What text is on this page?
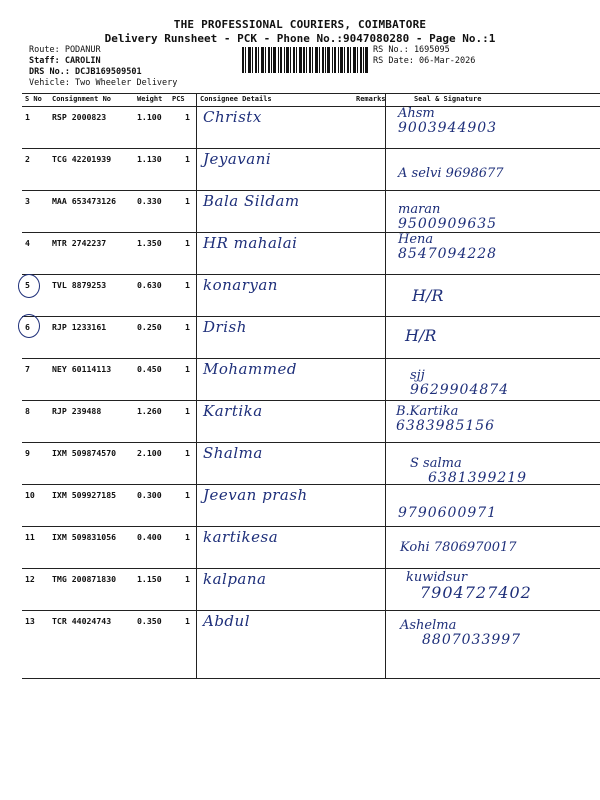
THE PROFESSIONAL COURIERS, COIMBATORE
Delivery Runsheet - PCK - Phone No.:9047080280 - Page No.:1
Route: PODANUR
Staff: CAROLIN
DRS No.: DCJB169509501
Vehicle: Two Wheeler Delivery
RS No.: 1695095
RS Date: 06-Mar-2026
S No Consignment No	Weight PCS Consignee Details	Remarks	Seal & Signature
1	RSP 2000823	1.100	1 Christx	Ahsm
9003944903
2	TCG 42201939	1.130	1 Jeyavani
A selvi 9698677
3	MAA 653473126	0.330	1 Bala Sildam	maran
9500909635
4	MTR 2742237	1.350	1 HR mahalai	Hena
8547094228
5	TVL 8879253	0.630	1 konaryan
H/R
6	RJP 1233161	0.250	1 Drish	H/R
7	NEY 60114113	0.450	1 Mohammed	sjj
9629904874
8	RJP 239488	1.260	1 Kartika	B.Kartika
6383985156
9	IXM 509874570	2.100	1 Shalma
S salma
6381399219
10 IXM 509927185	0.300	1 Jeevan prash
9790600971
11 IXM 509831056	0.400	1 kartikesa
Kohi 7806970017
12 TMG 200871830	1.150	1 kalpana	kuwidsur
7904727402
13 TCR 44024743	0.350	1 Abdul	Ashelma
8807033997
